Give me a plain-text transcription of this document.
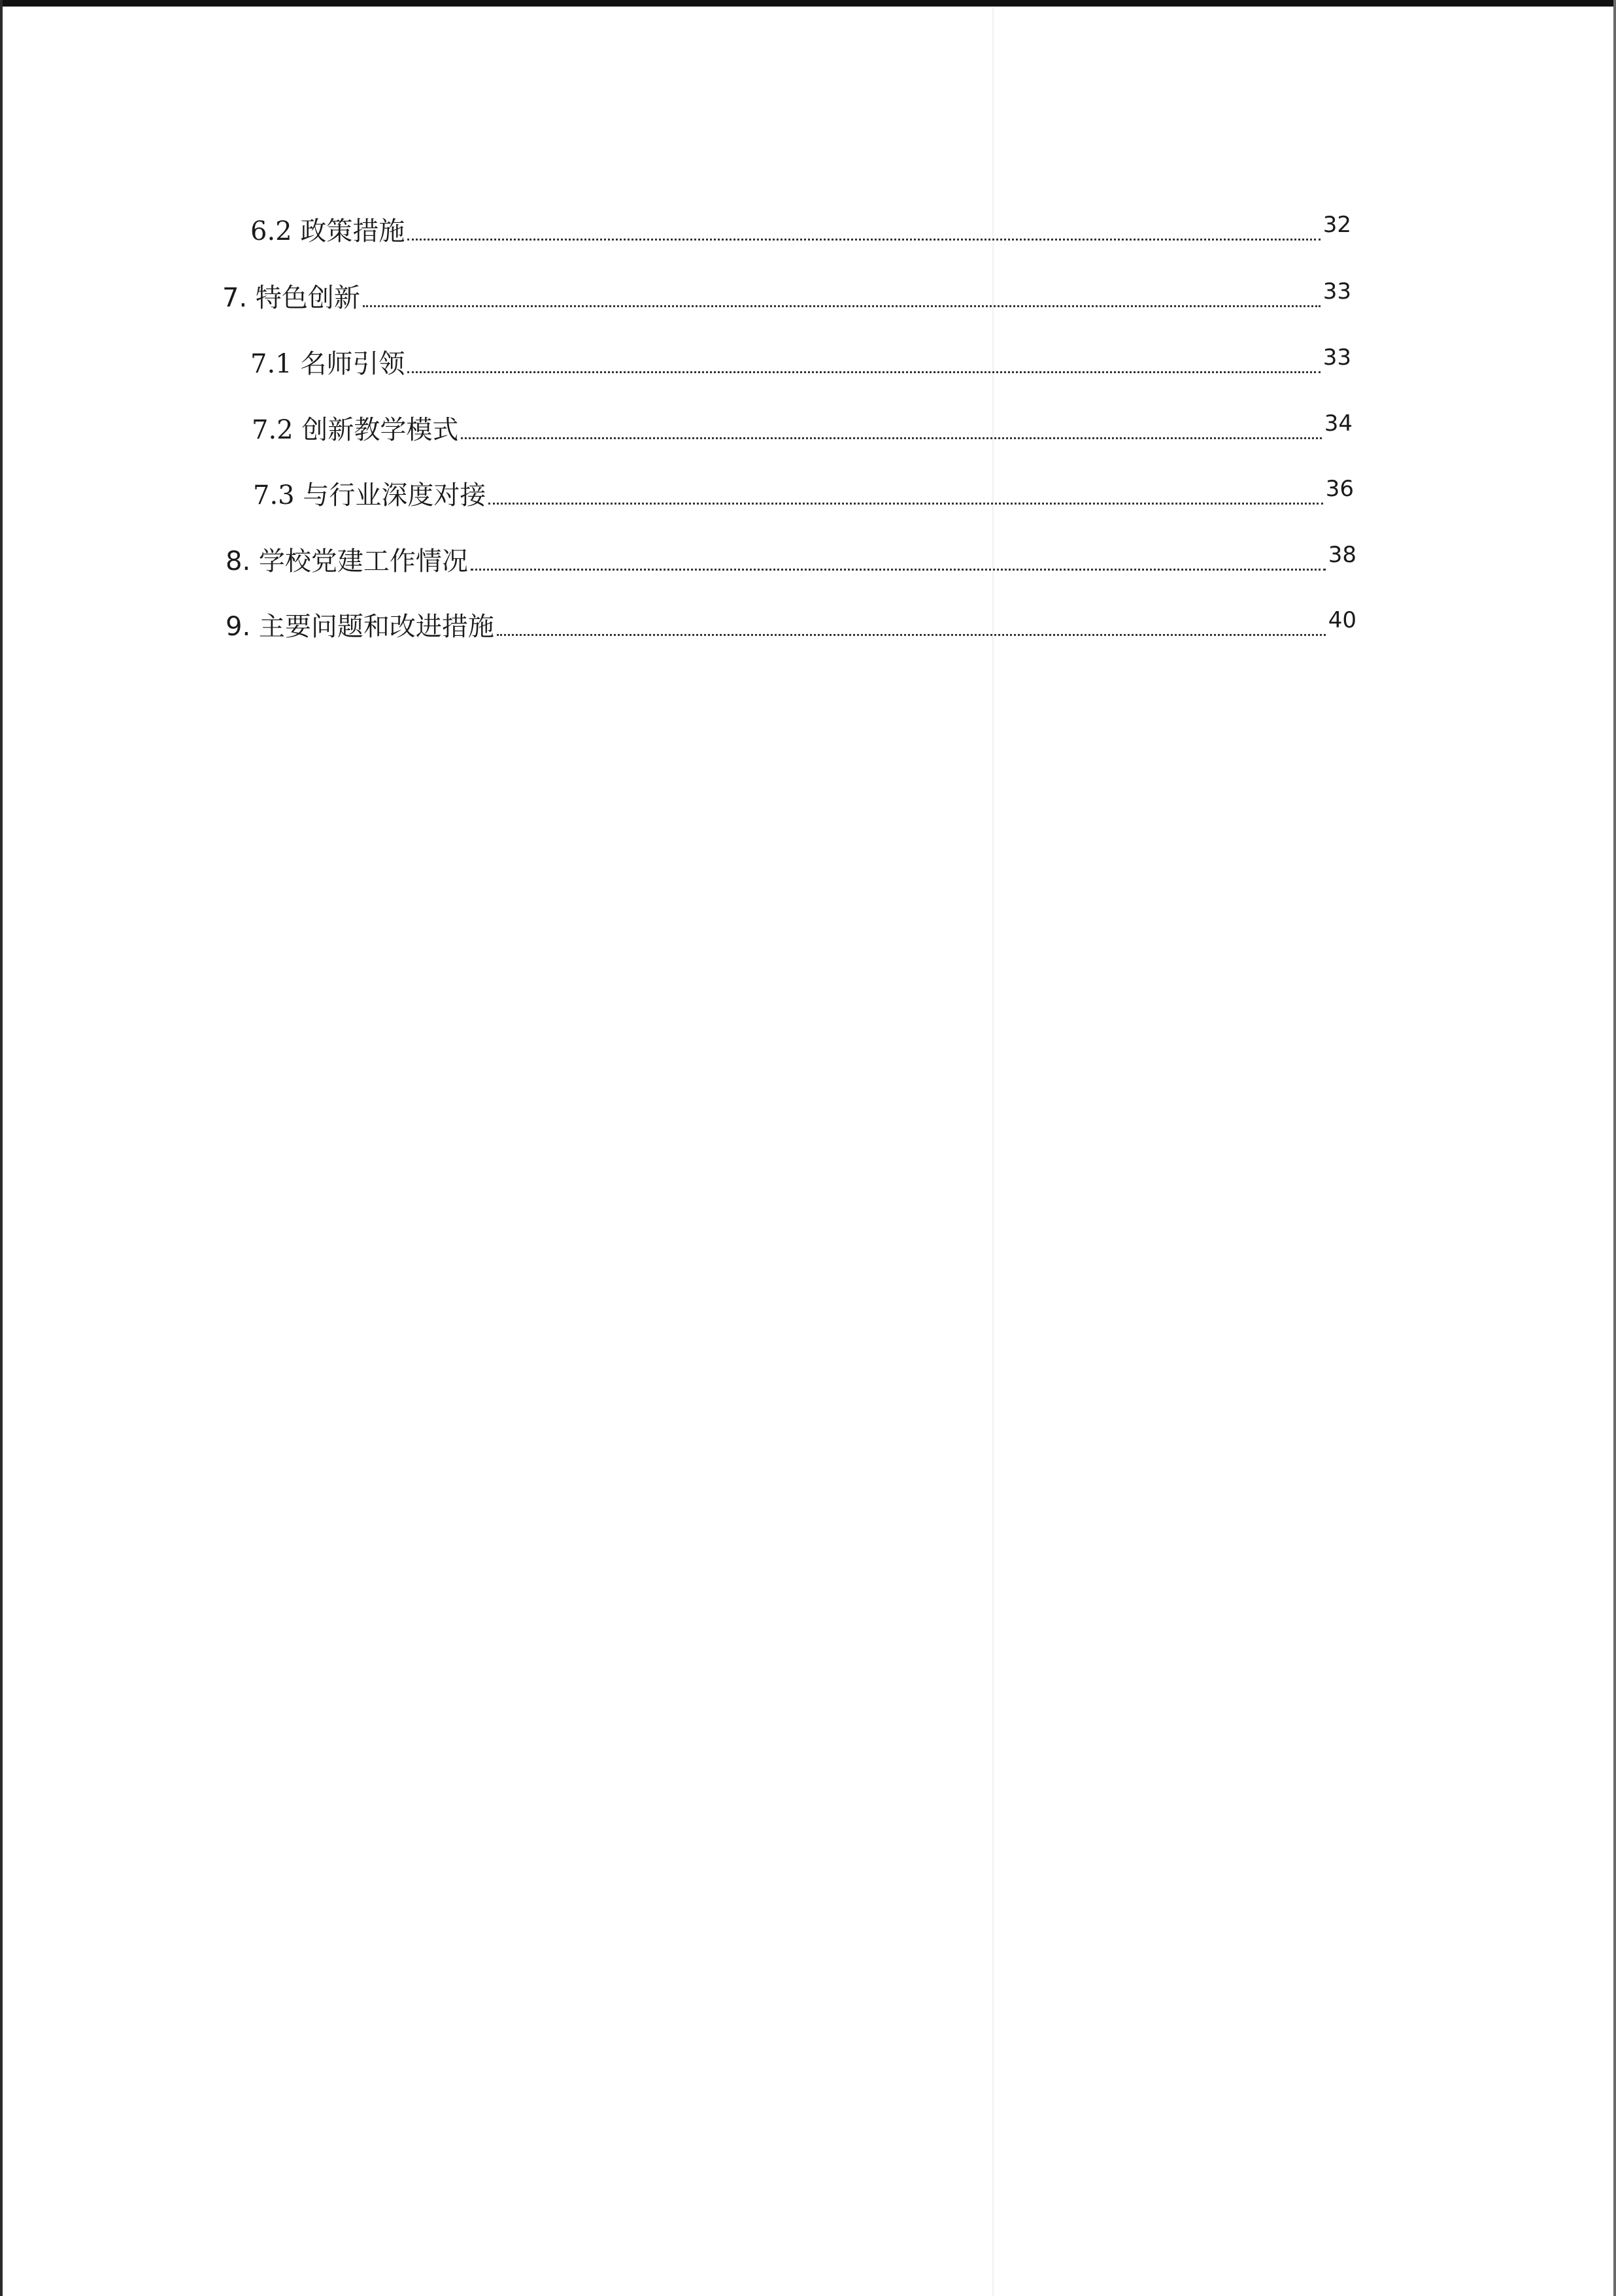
6.2 政策措施	32
7. 特色创新	33
7.1 名师引领	33
7.2 创新教学模式	34
7.3 与行业深度对接	36
8. 学校党建工作情况	38
9. 主要问题和改进措施	40
